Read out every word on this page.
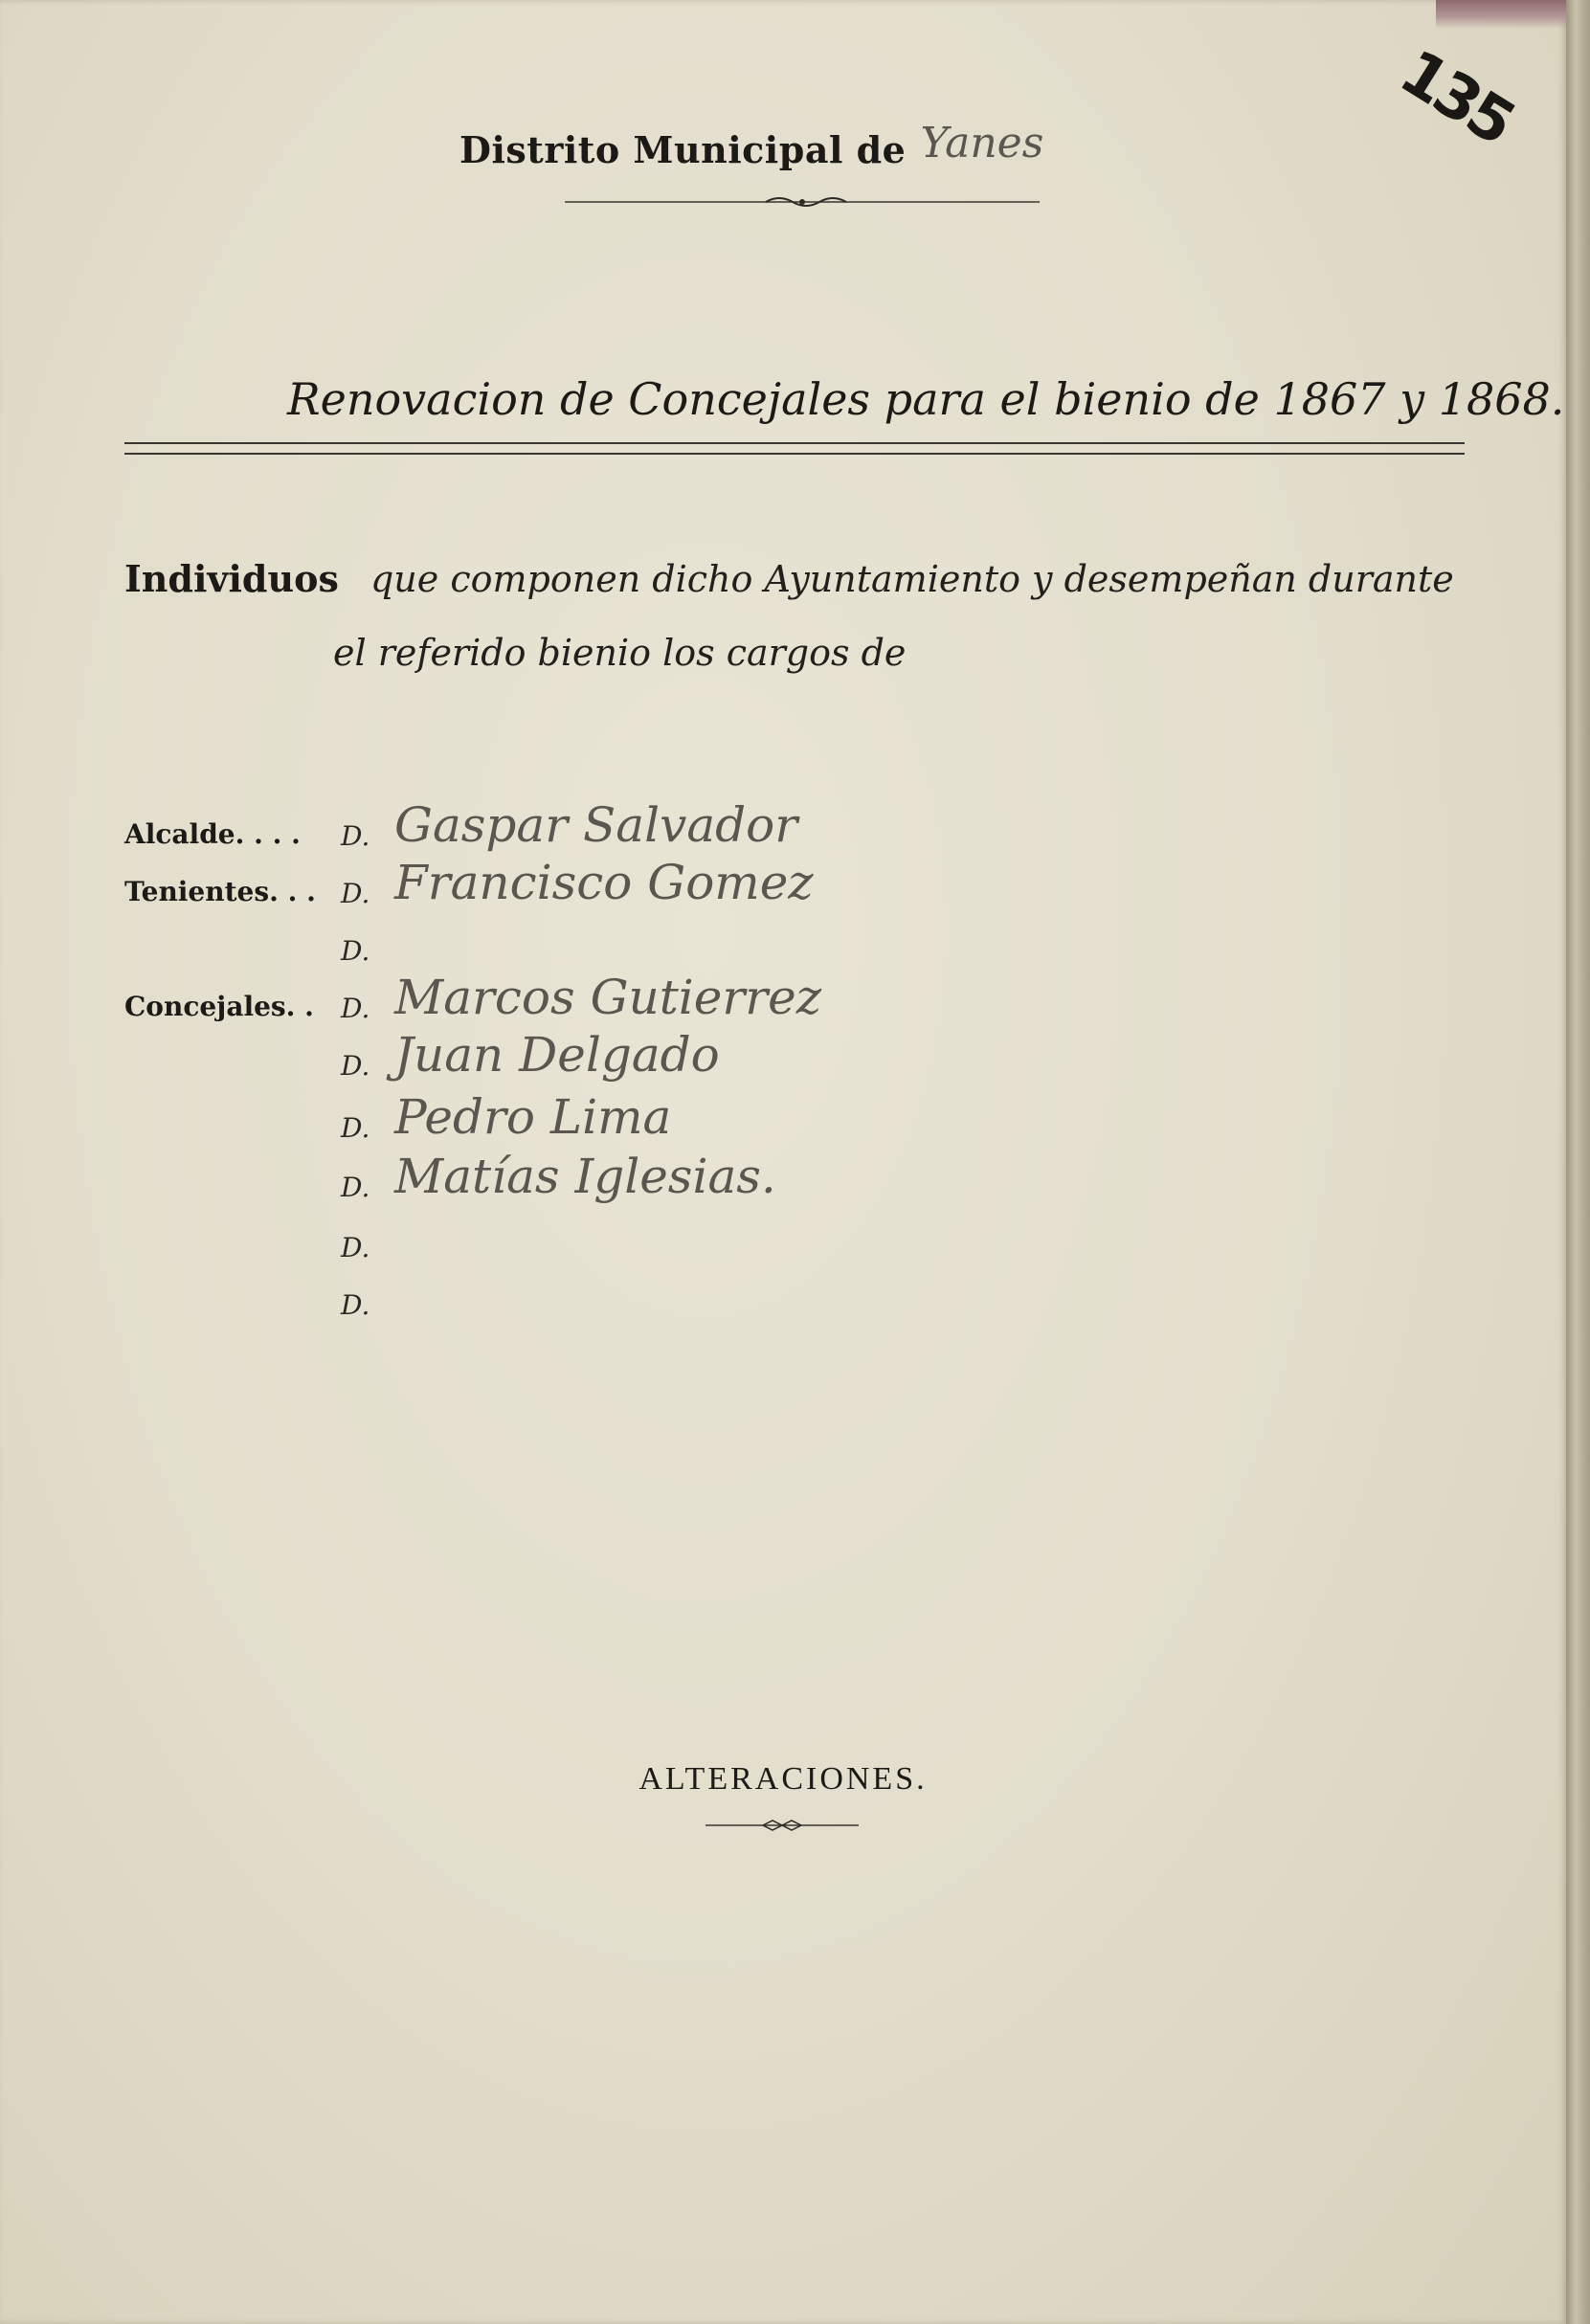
Distrito Municipal de Yanes	135
Renovacion de Concejales para el bienio de 1867 y 1868.
Individuos que componen dicho Ayuntamiento y desempeñan durante
el referido bienio los cargos de
Alcalde. . . .	D. Gaspar Salvador
Tenientes. . . D. Francisco Gomez
D.
Concejales. .	D. Marcos Gutierrez
D. Juan Delgado
D. Pedro Lima
D. Matías Iglesias.
D.
D.
ALTERACIONES.
